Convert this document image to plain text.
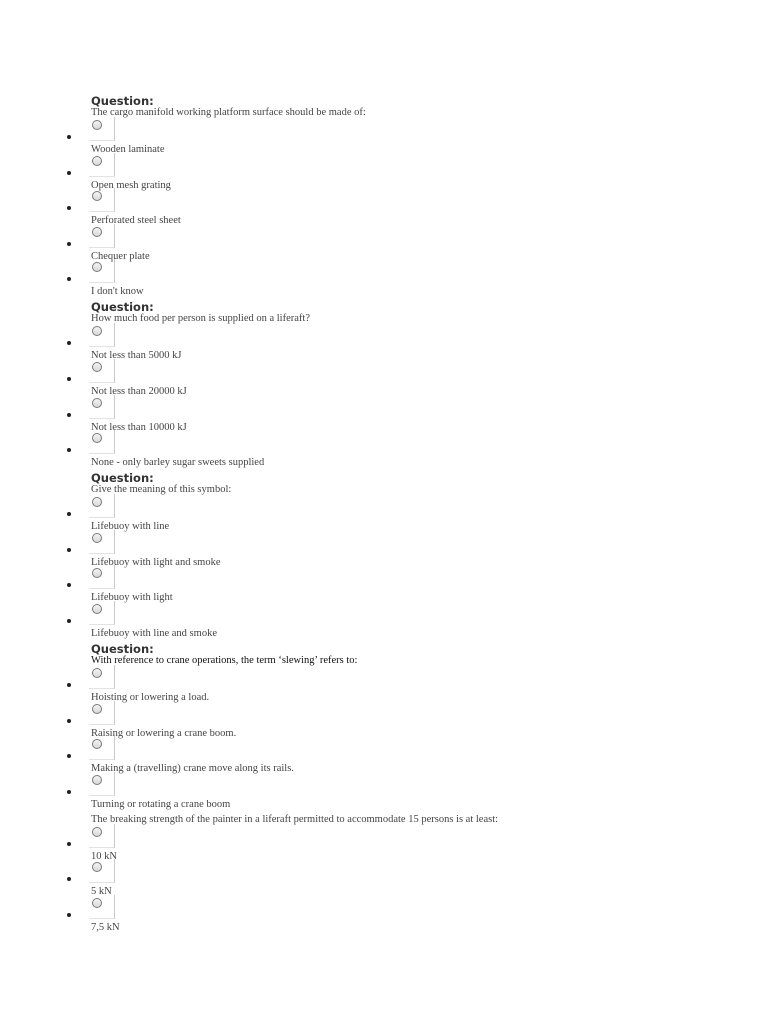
Question:
The cargo manifold working platform surface should be made of:
Wooden laminate
Open mesh grating
Perforated steel sheet
Chequer plate
I don't know
Question:
How much food per person is supplied on a liferaft?
Not less than 5000 kJ
Not less than 20000 kJ
Not less than 10000 kJ
None - only barley sugar sweets supplied
Question:
Give the meaning of this symbol:
Lifebuoy with line
Lifebuoy with light and smoke
Lifebuoy with light
Lifebuoy with line and smoke
Question:
With reference to crane operations, the term ‘slewing’ refers to:
Hoisting or lowering a load.
Raising or lowering a crane boom.
Making a (travelling) crane move along its rails.
Turning or rotating a crane boom
The breaking strength of the painter in a liferaft permitted to accommodate 15 persons is at least:
10 kN
5 kN
7,5 kN
